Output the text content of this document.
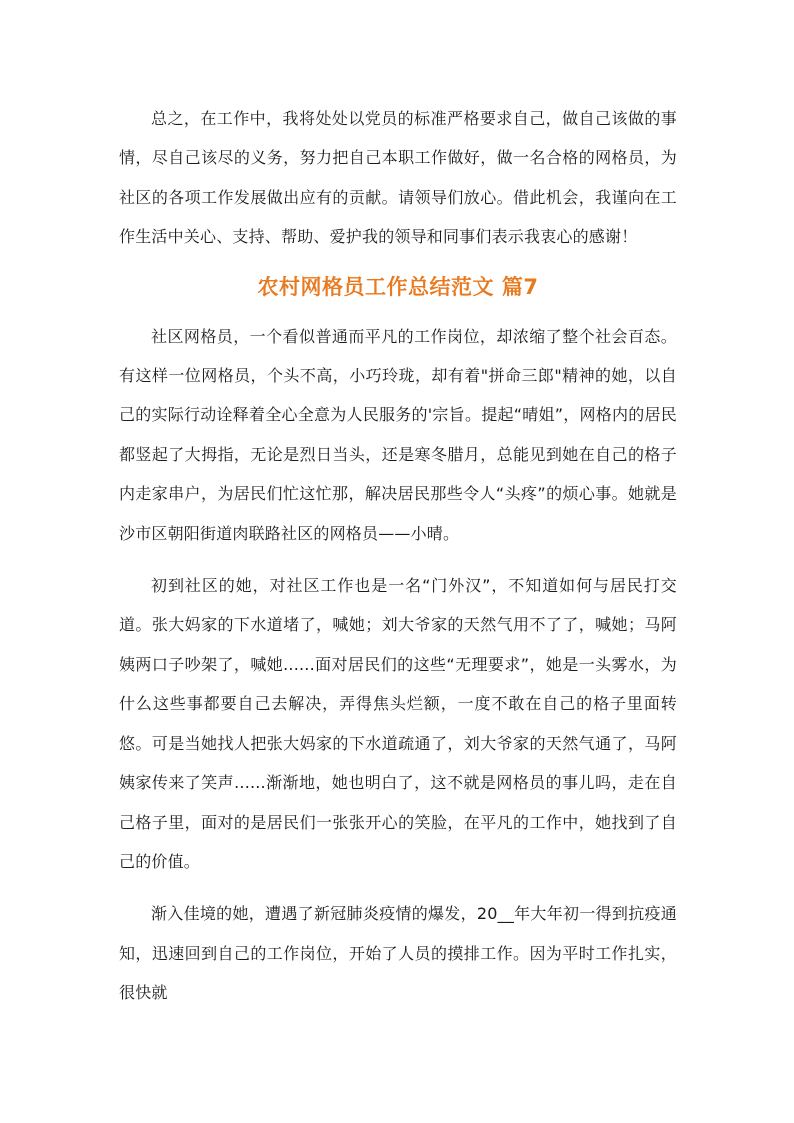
总之，在工作中，我将处处以党员的标准严格要求自己，做自己该做的事情，尽自己该尽的义务，努力把自己本职工作做好，做一名合格的网格员，为社区的各项工作发展做出应有的贡献。请领导们放心。借此机会，我谨向在工作生活中关心、支持、帮助、爱护我的领导和同事们表示我衷心的感谢！

农村网格员工作总结范文 篇7

社区网格员，一个看似普通而平凡的工作岗位，却浓缩了整个社会百态。有这样一位网格员，个头不高，小巧玲珑，却有着"拼命三郎"精神的她，以自己的实际行动诠释着全心全意为人民服务的'宗旨。提起“晴姐”，网格内的居民都竖起了大拇指，无论是烈日当头，还是寒冬腊月，总能见到她在自己的格子内走家串户，为居民们忙这忙那，解决居民那些令人“头疼”的烦心事。她就是沙市区朝阳街道肉联路社区的网格员——小晴。

初到社区的她，对社区工作也是一名“门外汉”，不知道如何与居民打交道。张大妈家的下水道堵了，喊她；刘大爷家的天然气用不了了，喊她；马阿姨两口子吵架了，喊她......面对居民们的这些“无理要求”，她是一头雾水，为什么这些事都要自己去解决，弄得焦头烂额，一度不敢在自己的格子里面转悠。可是当她找人把张大妈家的下水道疏通了，刘大爷家的天然气通了，马阿姨家传来了笑声......渐渐地，她也明白了，这不就是网格员的事儿吗，走在自己格子里，面对的是居民们一张张开心的笑脸，在平凡的工作中，她找到了自己的价值。

渐入佳境的她，遭遇了新冠肺炎疫情的爆发，20__年大年初一得到抗疫通知，迅速回到自己的工作岗位，开始了人员的摸排工作。因为平时工作扎实，很快就
